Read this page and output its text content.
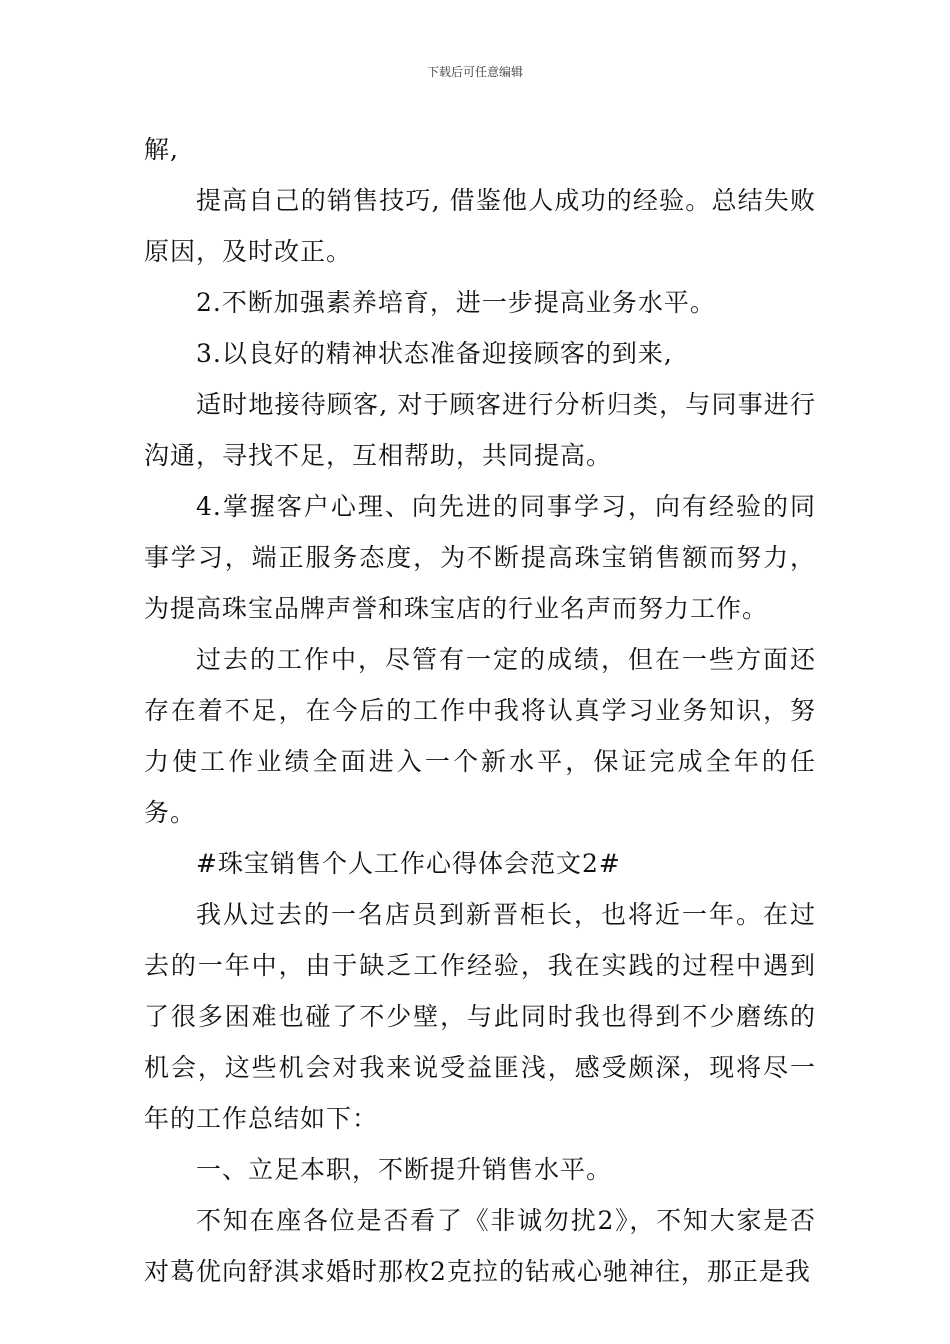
下载后可任意编辑

解,

提高自己的销售技巧, 借鉴他人成功的经验。总结失败原因，及时改正。

2.不断加强素养培育，进一步提高业务水平。

3.以良好的精神状态准备迎接顾客的到来,

适时地接待顾客, 对于顾客进行分析归类，与同事进行沟通，寻找不足，互相帮助，共同提高。

4.掌握客户心理、向先进的同事学习，向有经验的同事学习，端正服务态度，为不断提高珠宝销售额而努力，为提高珠宝品牌声誉和珠宝店的行业名声而努力工作。

过去的工作中，尽管有一定的成绩，但在一些方面还存在着不足，在今后的工作中我将认真学习业务知识，努力使工作业绩全面进入一个新水平，保证完成全年的任务。

#珠宝销售个人工作心得体会范文2#

我从过去的一名店员到新晋柜长，也将近一年。在过去的一年中，由于缺乏工作经验，我在实践的过程中遇到了很多困难也碰了不少壁，与此同时我也得到不少磨练的机会，这些机会对我来说受益匪浅，感受颇深，现将尽一年的工作总结如下：

一、立足本职，不断提升销售水平。

不知在座各位是否看了《非诚勿扰2》，不知大家是否对葛优向舒淇求婚时那枚2克拉的钻戒心驰神往，那正是我
